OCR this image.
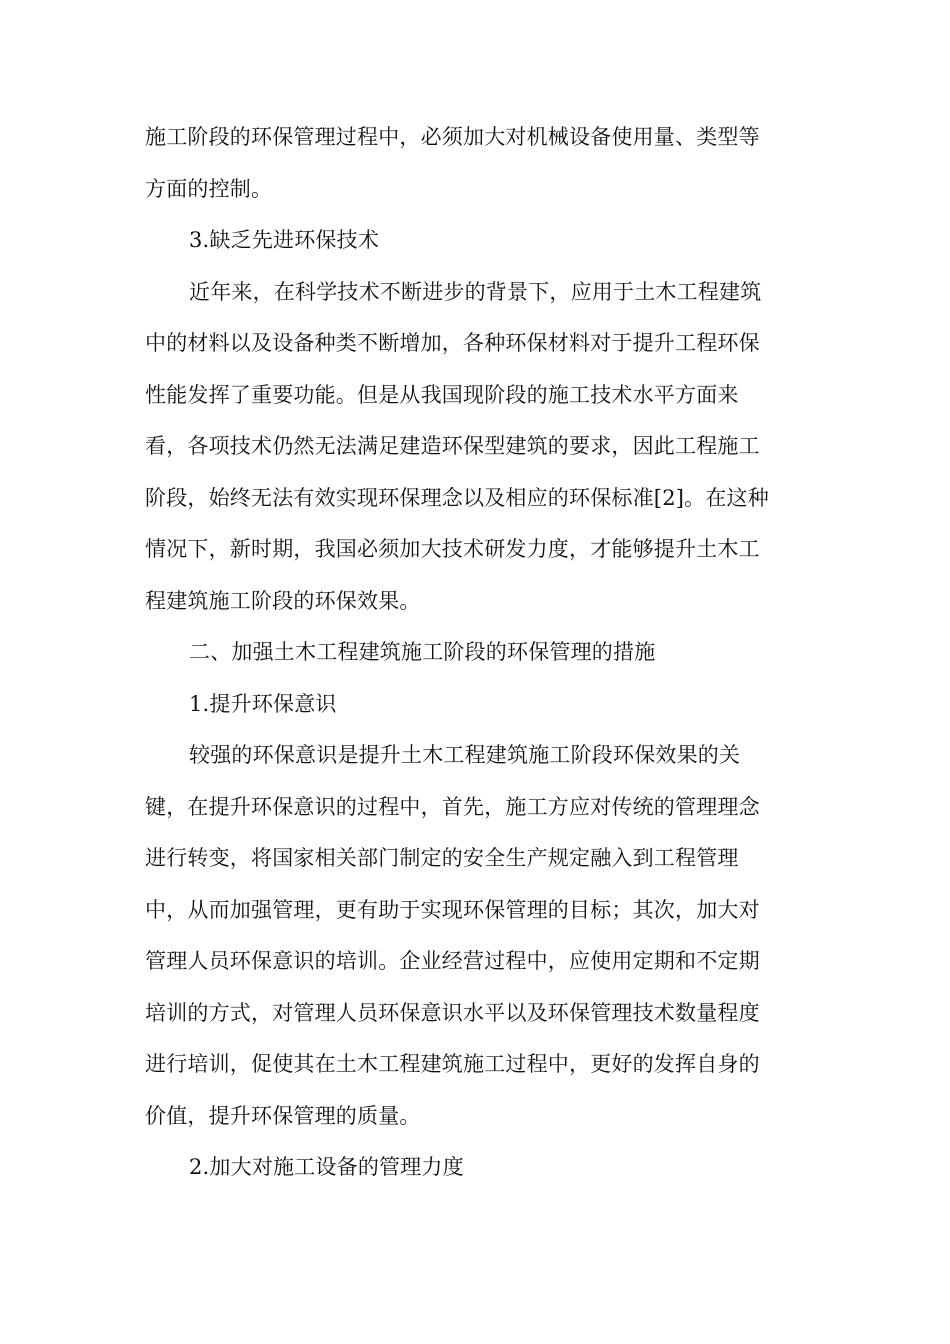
施工阶段的环保管理过程中，必须加大对机械设备使用量、类型等
方面的控制。
3.缺乏先进环保技术
近年来，在科学技术不断进步的背景下，应用于土木工程建筑
中的材料以及设备种类不断增加，各种环保材料对于提升工程环保
性能发挥了重要功能。但是从我国现阶段的施工技术水平方面来
看，各项技术仍然无法满足建造环保型建筑的要求，因此工程施工
阶段，始终无法有效实现环保理念以及相应的环保标准[2]。在这种
情况下，新时期，我国必须加大技术研发力度，才能够提升土木工
程建筑施工阶段的环保效果。
二、加强土木工程建筑施工阶段的环保管理的措施
1.提升环保意识
较强的环保意识是提升土木工程建筑施工阶段环保效果的关
键，在提升环保意识的过程中，首先，施工方应对传统的管理理念
进行转变，将国家相关部门制定的安全生产规定融入到工程管理
中，从而加强管理，更有助于实现环保管理的目标；其次，加大对
管理人员环保意识的培训。企业经营过程中，应使用定期和不定期
培训的方式，对管理人员环保意识水平以及环保管理技术数量程度
进行培训，促使其在土木工程建筑施工过程中，更好的发挥自身的
价值，提升环保管理的质量。
2.加大对施工设备的管理力度
